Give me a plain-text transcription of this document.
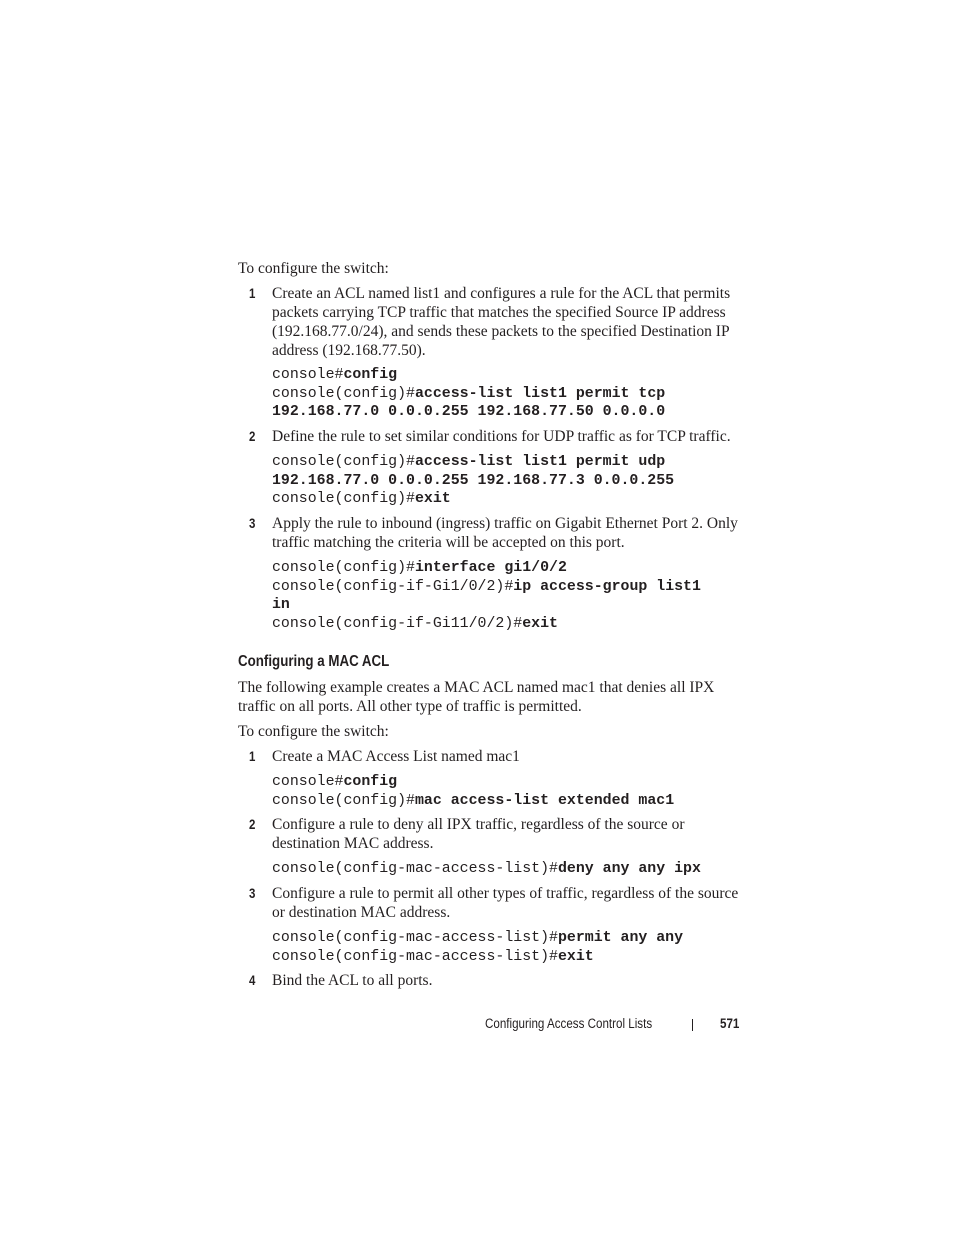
To configure the switch:

1 Create an ACL named list1 and configures a rule for the ACL that permits packets carrying TCP traffic that matches the specified Source IP address (192.168.77.0/24), and sends these packets to the specified Destination IP address (192.168.77.50).
console#config
console(config)#access-list list1 permit tcp
192.168.77.0 0.0.0.255 192.168.77.50 0.0.0.0
2 Define the rule to set similar conditions for UDP traffic as for TCP traffic.
console(config)#access-list list1 permit udp
192.168.77.0 0.0.0.255 192.168.77.3 0.0.0.255
console(config)#exit
3 Apply the rule to inbound (ingress) traffic on Gigabit Ethernet Port 2. Only traffic matching the criteria will be accepted on this port.
console(config)#interface gi1/0/2
console(config-if-Gi1/0/2)#ip access-group list1
in
console(config-if-Gi11/0/2)#exit
Configuring a MAC ACL

The following example creates a MAC ACL named mac1 that denies all IPX traffic on all ports. All other type of traffic is permitted.

To configure the switch:

1 Create a MAC Access List named mac1
console#config
console(config)#mac access-list extended mac1
2 Configure a rule to deny all IPX traffic, regardless of the source or destination MAC address.
console(config-mac-access-list)#deny any any ipx
3 Configure a rule to permit all other types of traffic, regardless of the source or destination MAC address.
console(config-mac-access-list)#permit any any
console(config-mac-access-list)#exit
4 Bind the ACL to all ports.
Configuring Access Control Lists	571
